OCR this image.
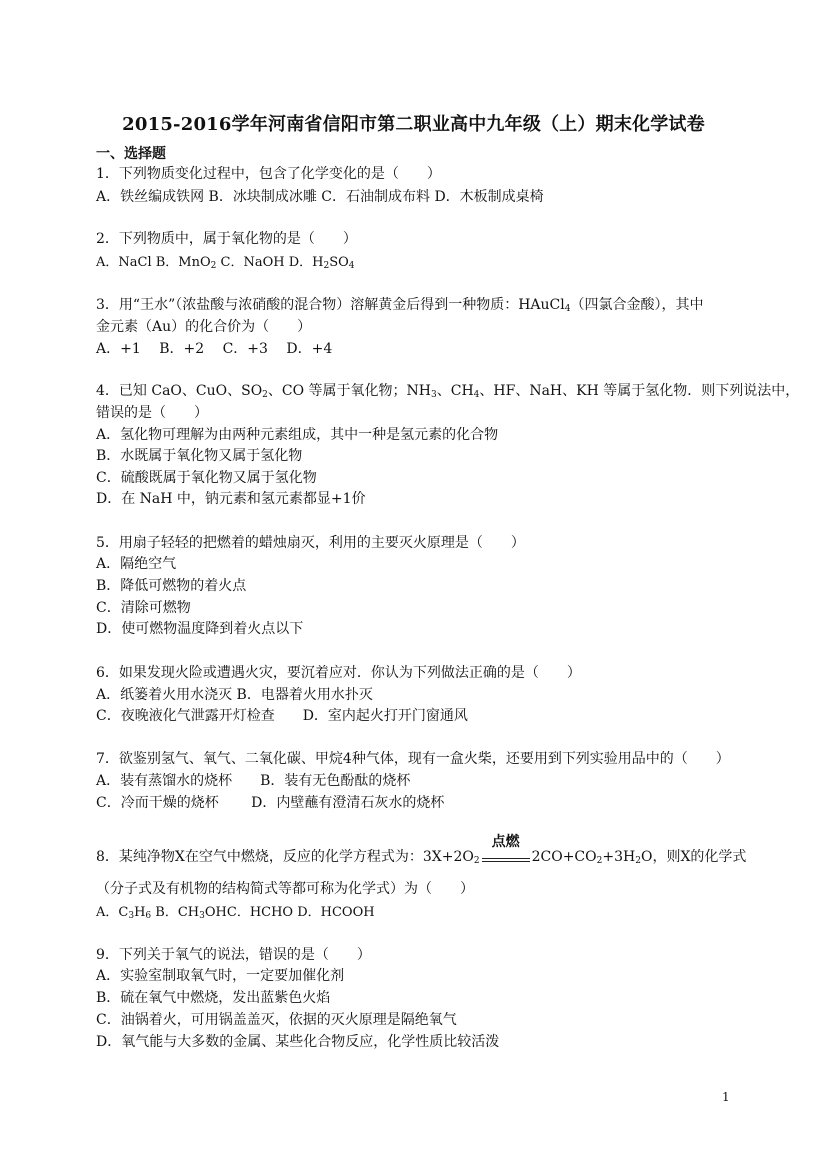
2015-2016学年河南省信阳市第二职业高中九年级（上）期末化学试卷
一、选择题
1．下列物质变化过程中，包含了化学变化的是（　　）
A．铁丝编成铁网 B．冰块制成冰雕 C．石油制成布料 D．木板制成桌椅
2．下列物质中，属于氧化物的是（　　）
A．NaCl B．MnO$_2$ C．NaOH D．$H_2SO_4$
3．用“王水”（浓盐酸与浓硝酸的混合物）溶解黄金后得到一种物质：HAuCl$_4$（四氯合金酸），其中
金元素（Au）的化合价为（　　）
A．+1　 B．+2　 C．+3　 D．+4
4．已知 CaO、CuO、$SO_2$、CO 等属于氧化物；$NH_3$、$CH_4$、HF、NaH、KH 等属于氢化物．则下列说法中，
错误的是（　　）
A．氢化物可理解为由两种元素组成，其中一种是氢元素的化合物
B．水既属于氧化物又属于氢化物
C．硫酸既属于氧化物又属于氢化物
D．在 NaH 中，钠元素和氢元素都显+1价
5．用扇子轻轻的把燃着的蜡烛扇灭，利用的主要灭火原理是（　　）
A．隔绝空气
B．降低可燃物的着火点
C．清除可燃物
D．使可燃物温度降到着火点以下
6．如果发现火险或遭遇火灾，要沉着应对．你认为下列做法正确的是（　　）
A．纸篓着火用水浇灭 B．电器着火用水扑灭
C．夜晚液化气泄露开灯检查　　D．室内起火打开门窗通风
7．欲鉴别氢气、氧气、二氧化碳、甲烷4种气体，现有一盒火柴，还要用到下列实验用品中的（　　）
A．装有蒸馏水的烧杯　　B．装有无色酚酞的烧杯
C．冷而干燥的烧杯　　 D．内壁蘸有澄清石灰水的烧杯
8．某纯净物X在空气中燃烧，反应的化学方程式为：$3X+2O_2$
点燃
$2CO+CO_2+3H_2O$，则X的化学式
（分子式及有机物的结构简式等都可称为化学式）为（　　）
A．$C_3H_6$ B．$CH_3OHC$．HCHO D．HCOOH
9．下列关于氧气的说法，错误的是（　　）
A．实验室制取氧气时，一定要加催化剂
B．硫在氧气中燃烧，发出蓝紫色火焰
C．油锅着火，可用锅盖盖灭，依据的灭火原理是隔绝氧气
D．氧气能与大多数的金属、某些化合物反应，化学性质比较活泼
1
